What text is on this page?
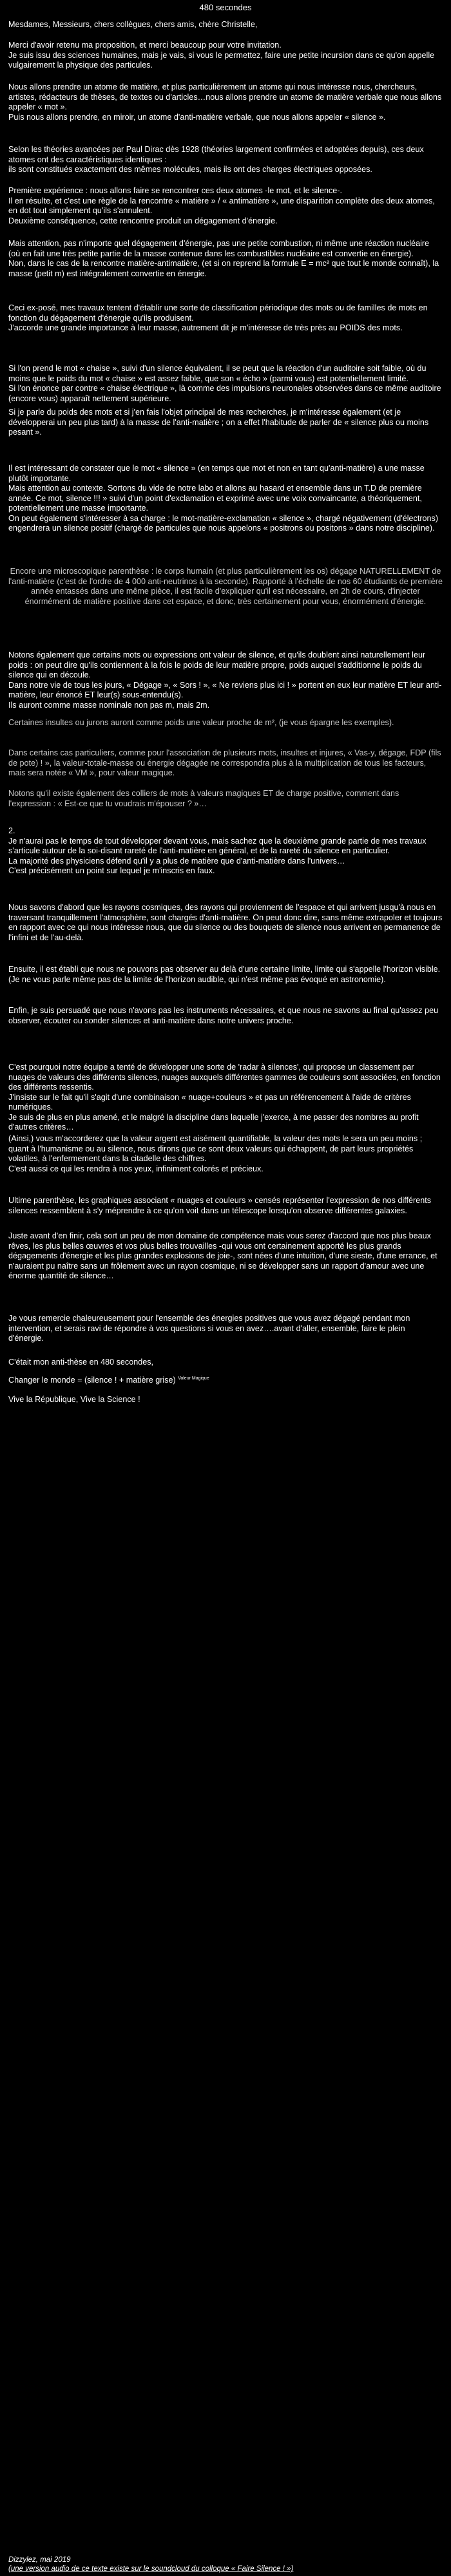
480 secondes

Mesdames, Messieurs, chers collègues, chers amis, chère Christelle,

Merci d'avoir retenu ma proposition, et merci beaucoup pour votre invitation.
Je suis issu des sciences humaines, mais je vais, si vous le permettez, faire une petite incursion dans ce qu'on appelle vulgairement la physique des particules.

Nous allons prendre un atome de matière, et plus particulièrement un atome qui nous intéresse nous, chercheurs, artistes, rédacteurs de thèses, de textes ou d'articles…nous allons prendre un atome de matière verbale que nous allons appeler « mot ».
Puis nous allons prendre, en miroir, un atome d'anti-matière verbale, que nous allons appeler « silence ».

Selon les théories avancées par Paul Dirac dès 1928 (théories largement confirmées et adoptées depuis), ces deux atomes ont des caractéristiques identiques :
ils sont constitués exactement des mêmes molécules, mais ils ont des charges électriques opposées.

Première expérience : nous allons faire se rencontrer ces deux atomes -le mot, et le silence-.
Il en résulte, et c'est une règle de la rencontre « matière » / « antimatière », une disparition complète des deux atomes, en dot tout simplement qu'ils s'annulent.
Deuxième conséquence, cette rencontre produit un dégagement d'énergie.

Mais attention, pas n'importe quel dégagement d'énergie, pas une petite combustion, ni même une réaction nucléaire (où en fait une très petite partie de la masse contenue dans les combustibles nucléaire est convertie en énergie).
Non, dans le cas de la rencontre matière-antimatière, (et si on reprend la formule E = mc² que tout le monde connaît), la masse (petit m) est intégralement convertie en énergie.

Ceci ex-posé, mes travaux tentent d'établir une sorte de classification périodique des mots ou de familles de mots en fonction du dégagement d'énergie qu'ils produisent.
J'accorde une grande importance à leur masse, autrement dit je m'intéresse de très près au POIDS des mots.

Si l'on prend le mot « chaise », suivi d'un silence équivalent, il se peut que la réaction d'un auditoire soit faible, où du moins que le poids du mot « chaise » est assez faible, que son « écho » (parmi vous) est potentiellement limité.
Si l'on énonce par contre « chaise électrique », là comme des impulsions neuronales observées dans ce même auditoire (encore vous) apparaît nettement supérieure.

Si je parle du poids des mots et si j'en fais l'objet principal de mes recherches, je m'intéresse également (et je développerai un peu plus tard) à la masse de l'anti-matière ; on a effet l'habitude de parler de « silence plus ou moins pesant ».

Il est intéressant de constater que le mot « silence » (en temps que mot et non en tant qu'anti-matière) a une masse plutôt importante.
Mais attention au contexte. Sortons du vide de notre labo et allons au hasard et ensemble dans un T.D de première année. Ce mot, silence !!! » suivi d'un point d'exclamation et exprimé avec une voix convaincante, a théoriquement, potentiellement une masse importante.
On peut également s'intéresser à sa charge : le mot-matière-exclamation « silence », chargé négativement (d'électrons) engendrera un silence positif (chargé de particules que nous appelons « positrons ou positons » dans notre discipline).

Encore une microscopique parenthèse : le corps humain (et plus particulièrement les os) dégage NATURELLEMENT de l'anti-matière (c'est de l'ordre de 4 000 anti-neutrinos à la seconde). Rapporté à l'échelle de nos 60 étudiants de première année entassés dans une même pièce, il est facile d'expliquer qu'il est nécessaire, en 2h de cours, d'injecter énormément de matière positive dans cet espace, et donc, très certainement pour vous, énormément d'énergie.

Notons également que certains mots ou expressions ont valeur de silence, et qu'ils doublent ainsi naturellement leur poids : on peut dire qu'ils contiennent à la fois le poids de leur matière propre, poids auquel s'additionne le poids du silence qui en découle.
Dans notre vie de tous les jours, « Dégage », « Sors ! », « Ne reviens plus ici ! » portent en eux leur matière ET leur anti-matière, leur énoncé ET leur(s) sous-entendu(s).
Ils auront comme masse nominale non pas m, mais 2m.

Certaines insultes ou jurons auront comme poids une valeur proche de m², (je vous épargne les exemples).

Dans certains cas particuliers, comme pour l'association de plusieurs mots, insultes et injures, « Vas-y, dégage, FDP (fils de pote) ! », la valeur-totale-masse ou énergie dégagée ne correspondra plus à la multiplication de tous les facteurs, mais sera notée « VM », pour valeur magique.

Notons qu'il existe également des colliers de mots à valeurs magiques ET de charge positive, comment dans l'expression : « Est-ce que tu voudrais m'épouser ? »…

2.
Je n'aurai pas le temps de tout développer devant vous, mais sachez que la deuxième grande partie de mes travaux s'articule autour de la soi-disant rareté de l'anti-matière en général, et de la rareté du silence en particulier.
La majorité des physiciens défend qu'il y a plus de matière que d'anti-matière dans l'univers…
C'est précisément un point sur lequel je m'inscris en faux.

Nous savons d'abord que les rayons cosmiques, des rayons qui proviennent de l'espace et qui arrivent jusqu'à nous en traversant tranquillement l'atmosphère, sont chargés d'anti-matière. On peut donc dire, sans même extrapoler et toujours en rapport avec ce qui nous intéresse nous, que du silence ou des bouquets de silence nous arrivent en permanence de l'infini et de l'au-delà.

Ensuite, il est établi que nous ne pouvons pas observer au delà d'une certaine limite, limite qui s'appelle l'horizon visible. (Je ne vous parle même pas de la limite de l'horizon audible, qui n'est même pas évoqué en astronomie).

Enfin, je suis persuadé que nous n'avons pas les instruments nécessaires, et que nous ne savons au final qu'assez peu observer, écouter ou sonder silences et anti-matière dans notre univers proche.

C'est pourquoi notre équipe a tenté de développer une sorte de 'radar à silences', qui propose un classement par nuages de valeurs des différents silences, nuages auxquels différentes gammes de couleurs sont associées, en fonction des différents ressentis.
J'insiste sur le fait qu'il s'agit d'une combinaison « nuage+couleurs » et pas un référencement à l'aide de critères numériques.
Je suis de plus en plus amené, et le malgré la discipline dans laquelle j'exerce, à me passer des nombres au profit d'autres critères…

(Ainsi,) vous m'accorderez que la valeur argent est aisément quantifiable, la valeur des mots le sera un peu moins ; quant à l'humanisme ou au silence, nous dirons que ce sont deux valeurs qui échappent, de part leurs propriétés volatiles, à l'enfermement dans la citadelle des chiffres.
C'est aussi ce qui les rendra à nos yeux, infiniment colorés et précieux.

Ultime parenthèse, les graphiques associant « nuages et couleurs » censés représenter l'expression de nos différents silences ressemblent à s'y méprendre à ce qu'on voit dans un télescope lorsqu'on observe différentes galaxies.

Juste avant d'en finir, cela sort un peu de mon domaine de compétence mais vous serez d'accord que nos plus beaux rêves, les plus belles œuvres et vos plus belles trouvailles -qui vous ont certainement apporté les plus grands dégagements d'énergie et les plus grandes explosions de joie-, sont nées d'une intuition, d'une sieste, d'une errance, et n'auraient pu naître sans un frôlement avec un rayon cosmique, ni se développer sans un rapport d'amour avec une énorme quantité de silence…

Je vous remercie chaleureusement pour l'ensemble des énergies positives que vous avez dégagé pendant mon intervention, et serais ravi de répondre à vos questions si vous en avez….avant d'aller, ensemble, faire le plein d'énergie.

C'était mon anti-thèse en 480 secondes,

Changer le monde = (silence ! + matière grise) $^{Valeur Magique}$

Vive la République, Vive la Science !

Dizzylez, mai 2019

(une version audio de ce texte existe sur le soundcloud du colloque « Faire Silence ! »)
